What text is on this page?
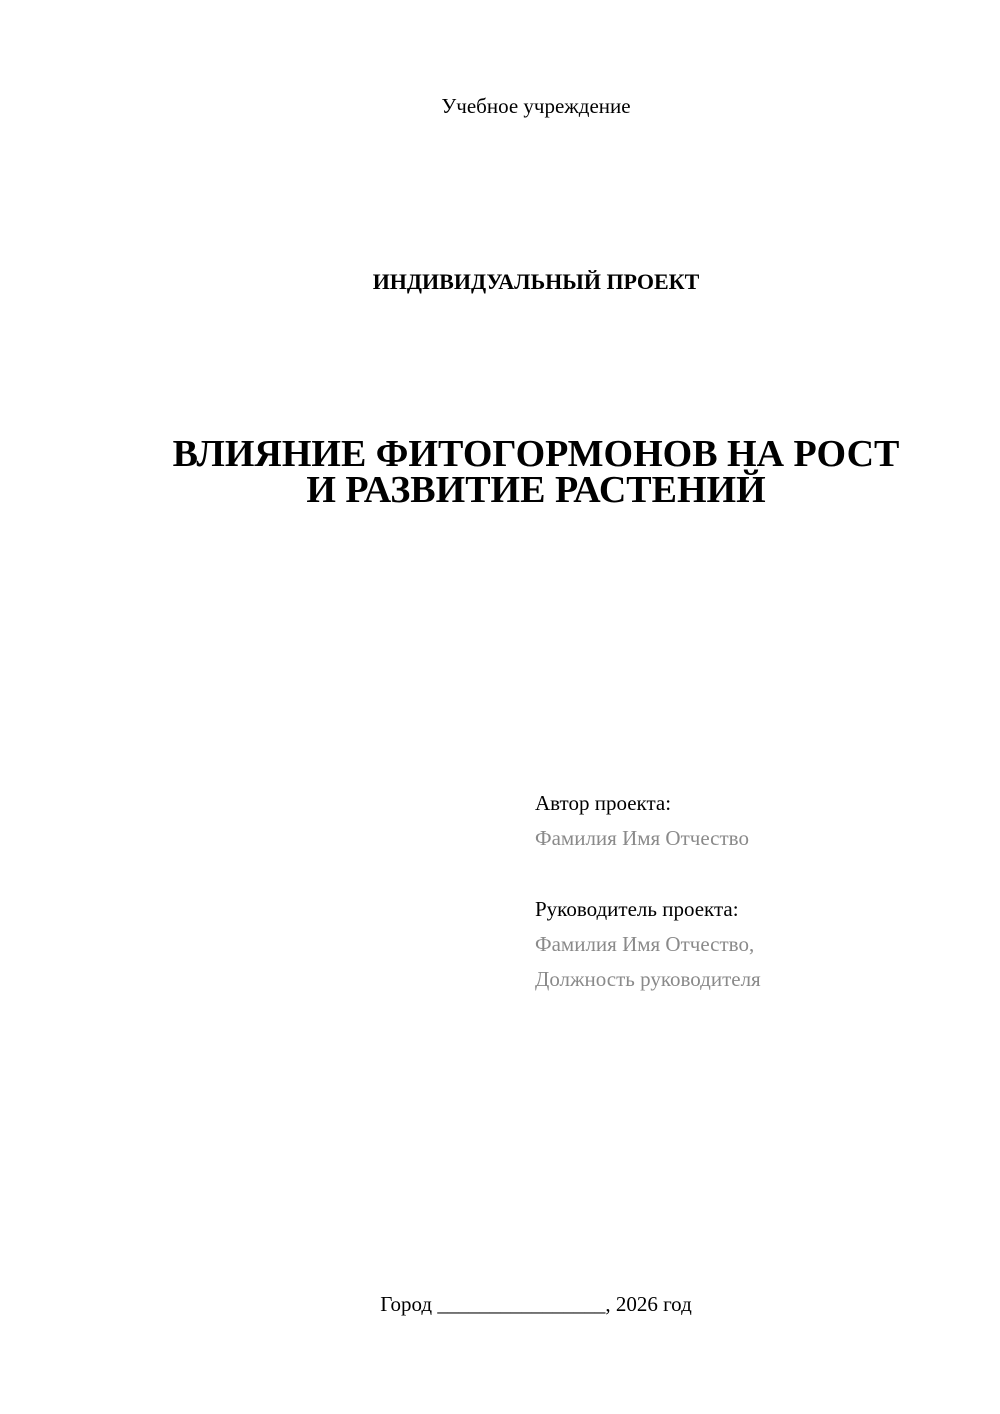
Учебное учреждение
ИНДИВИДУАЛЬНЫЙ ПРОЕКТ
ВЛИЯНИЕ ФИТОГОРМОНОВ НА РОСТ
И РАЗВИТИЕ РАСТЕНИЙ
Автор проекта:
Фамилия Имя Отчество
Руководитель проекта:
Фамилия Имя Отчество,
Должность руководителя
Город ________________, 2026 год
